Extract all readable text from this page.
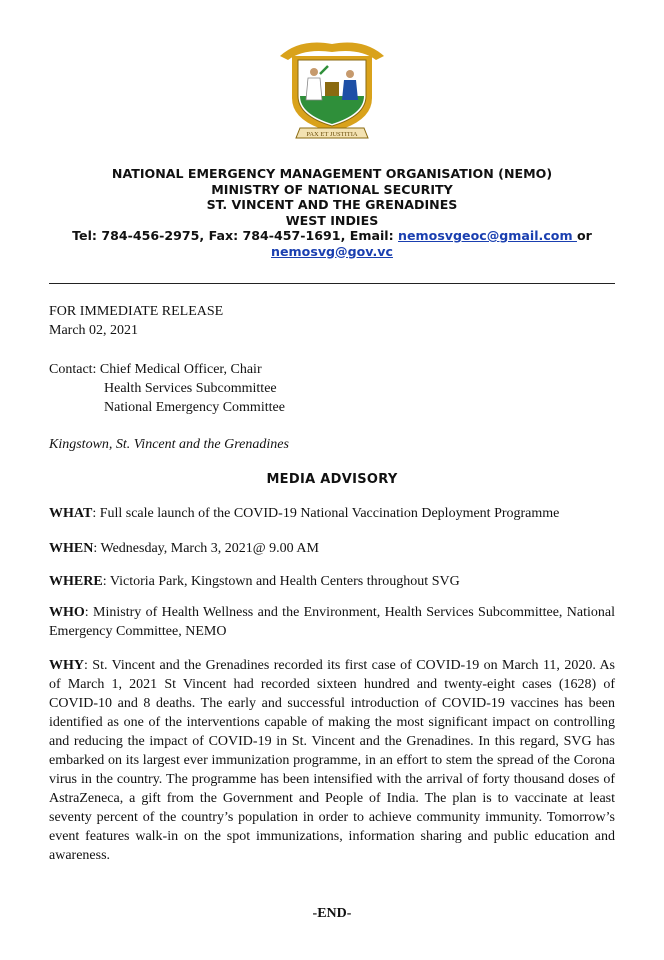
PAX ET JUSTITIA
NATIONAL EMERGENCY MANAGEMENT ORGANISATION (NEMO)
MINISTRY OF NATIONAL SECURITY
ST. VINCENT AND THE GRENADINES
WEST INDIES
Tel: 784-456-2975, Fax: 784-457-1691, Email: nemosvgeoc@gmail.com or
nemosvg@gov.vc
FOR IMMEDIATE RELEASE
March 02, 2021
Contact: Chief Medical Officer, Chair
Health Services Subcommittee
National Emergency Committee
Kingstown, St. Vincent and the Grenadines
MEDIA ADVISORY
WHAT: Full scale launch of the COVID-19 National Vaccination Deployment Programme
WHEN: Wednesday, March 3, 2021@ 9.00 AM
WHERE: Victoria Park, Kingstown and Health Centers throughout SVG
WHO: Ministry of Health Wellness and the Environment, Health Services Subcommittee, National Emergency Committee, NEMO
WHY: St. Vincent and the Grenadines recorded its first case of COVID-19 on March 11, 2020. As of March 1, 2021 St Vincent had recorded sixteen hundred and twenty-eight cases (1628) of COVID-10 and 8 deaths. The early and successful introduction of COVID-19 vaccines has been identified as one of the interventions capable of making the most significant impact on controlling and reducing the impact of COVID-19 in St. Vincent and the Grenadines. In this regard, SVG has embarked on its largest ever immunization programme, in an effort to stem the spread of the Corona virus in the country. The programme has been intensified with the arrival of forty thousand doses of AstraZeneca, a gift from the Government and People of India. The plan is to vaccinate at least seventy percent of the country’s population in order to achieve community immunity. Tomorrow’s event features walk-in on the spot immunizations, information sharing and public education and awareness.
-END-
